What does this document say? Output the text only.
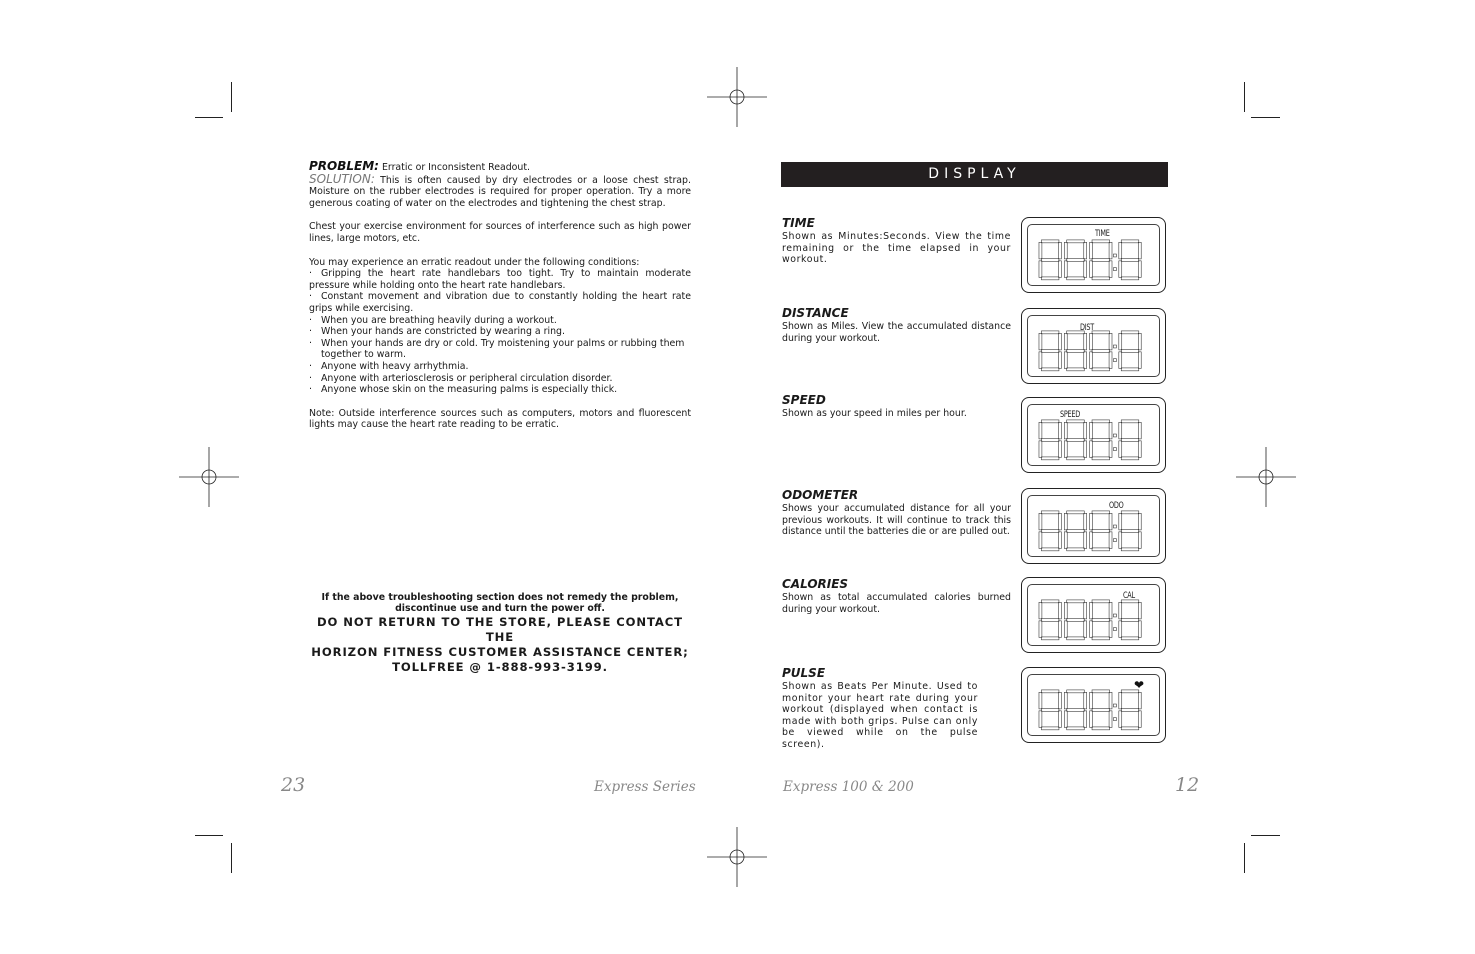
PROBLEM: Erratic or Inconsistent Readout.
SOLUTION: This is often caused by dry electrodes or a loose chest strap. Moisture on the rubber electrodes is required for proper operation. Try a more generous coating of water on the electrodes and tightening the chest strap.
Chest your exercise environment for sources of interference such as high power lines, large motors, etc.
You may experience an erratic readout under the following conditions:
· Gripping the heart rate handlebars too tight. Try to maintain moderate pressure while holding onto the heart rate handlebars.
· Constant movement and vibration due to constantly holding the heart rate grips while exercising.
· When you are breathing heavily during a workout.
· When your hands are constricted by wearing a ring.
· When your hands are dry or cold. Try moistening your palms or rubbing them together to warm.
· Anyone with heavy arrhythmia.
· Anyone with arteriosclerosis or peripheral circulation disorder.
· Anyone whose skin on the measuring palms is especially thick.
Note: Outside interference sources such as computers, motors and fluorescent lights may cause the heart rate reading to be erratic.
If the above troubleshooting section does not remedy the problem,
discontinue use and turn the power off.
DO NOT RETURN TO THE STORE, PLEASE CONTACT THE
HORIZON FITNESS CUSTOMER ASSISTANCE CENTER;
TOLLFREE @ 1-888-993-3199.
23	Express Series
DISPLAY
TIME
Shown as Minutes:Seconds. View the time remaining or the time elapsed in your workout.
DISTANCE
Shown as Miles. View the accumulated distance during your workout.
SPEED
Shown as your speed in miles per hour.
ODOMETER
Shows your accumulated distance for all your previous workouts. It will continue to track this distance until the batteries die or are pulled out.
CALORIES
Shown as total accumulated calories burned during your workout.
PULSE
Shown as Beats Per Minute. Used to monitor your heart rate during your workout (displayed when contact is made with both grips. Pulse can only be viewed while on the pulse screen).
TIME
DIST
SPEED
ODO
CAL
❤
Express 100 & 200	12
